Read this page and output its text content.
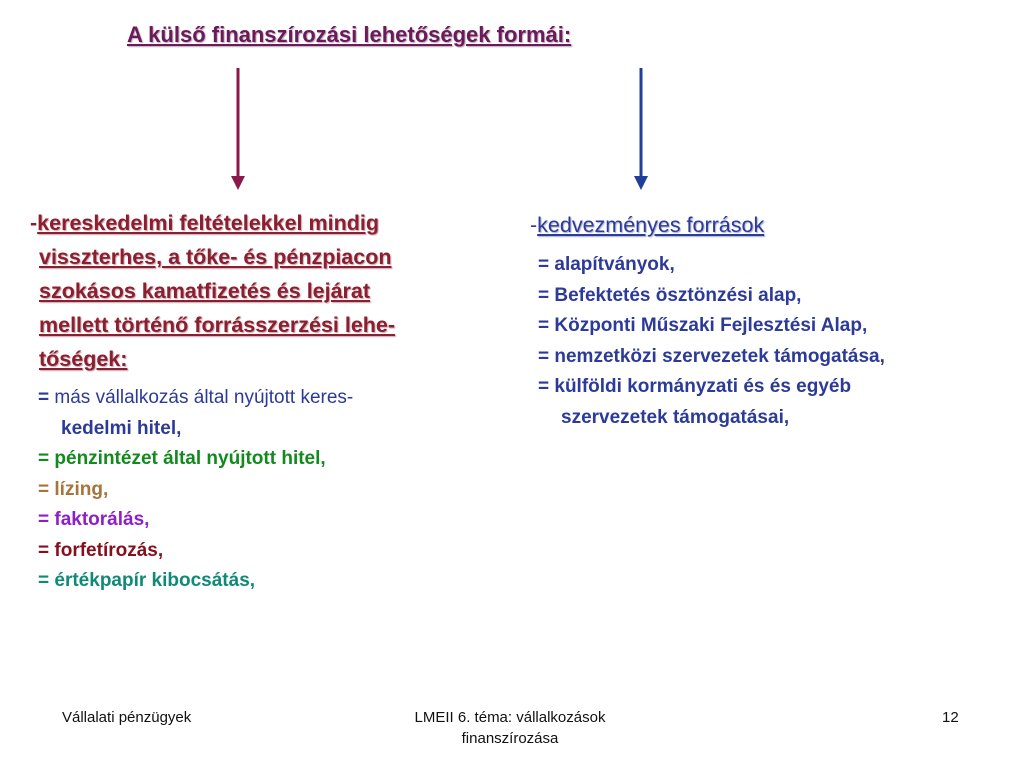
A külső finanszírozási lehetőségek formái:
-kereskedelmi feltételekkel mindig
visszterhes, a tőke- és pénzpiacon
szokásos kamatfizetés és lejárat
mellett történő forrásszerzési lehe-
tőségek:
= más vállalkozás által nyújtott keres-
kedelmi hitel,
= pénzintézet által nyújtott hitel,
= lízing,
= faktorálás,
= forfetírozás,
= értékpapír kibocsátás,
-kedvezményes források
= alapítványok,
= Befektetés ösztönzési alap,
= Központi Műszaki Fejlesztési Alap,
= nemzetközi szervezetek támogatása,
= külföldi kormányzati és és egyéb
szervezetek támogatásai,
Vállalati pénzügyek	LMEII 6. téma: vállalkozások
finanszírozása
12
